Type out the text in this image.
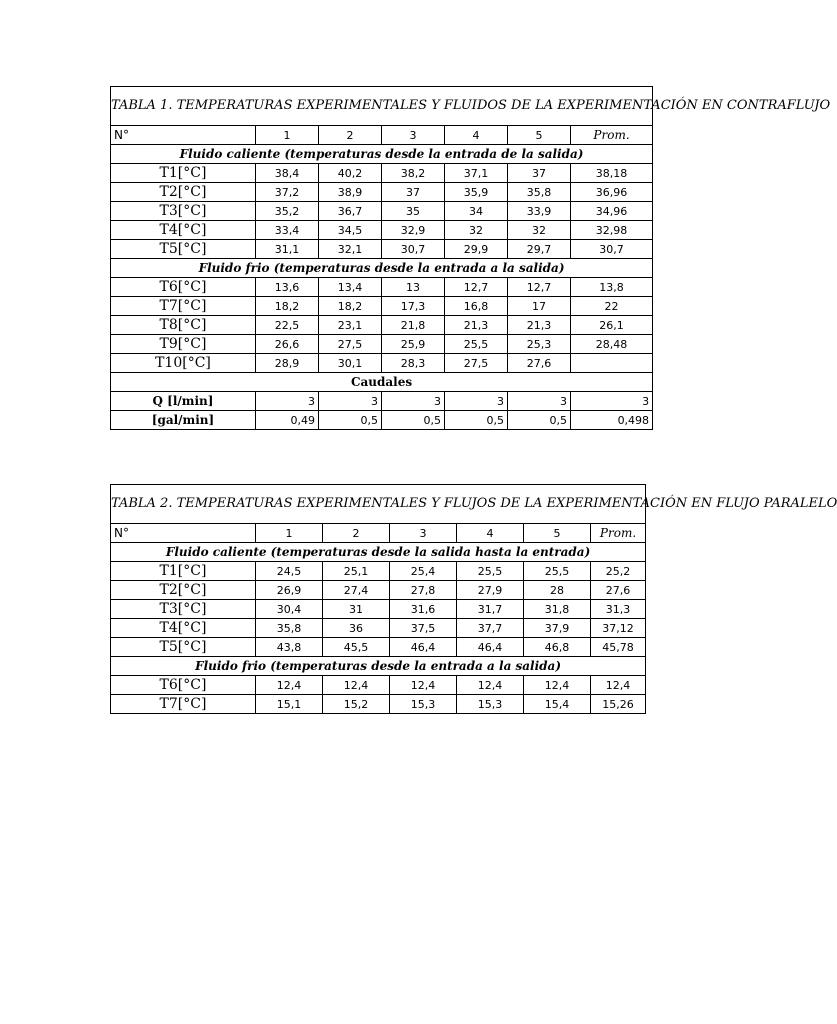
TABLA 1. TEMPERATURAS EXPERIMENTALES Y FLUIDOS DE LA EXPERIMENTACIÓN EN CONTRAFLUJO						
N°	1	2	3	4	5	Prom.
Fluido caliente (temperaturas desde la entrada de la salida)						
T1[°C]	38,4	40,2	38,2	37,1	37	38,18
T2[°C]	37,2	38,9	37	35,9	35,8	36,96
T3[°C]	35,2	36,7	35	34	33,9	34,96
T4[°C]	33,4	34,5	32,9	32	32	32,98
T5[°C]	31,1	32,1	30,7	29,9	29,7	30,7
Fluido frio (temperaturas desde la entrada a la salida)						
T6[°C]	13,6	13,4	13	12,7	12,7	13,8
T7[°C]	18,2	18,2	17,3	16,8	17	22
T8[°C]	22,5	23,1	21,8	21,3	21,3	26,1
T9[°C]	26,6	27,5	25,9	25,5	25,3	28,48
T10[°C]	28,9	30,1	28,3	27,5	27,6	
Caudales						
Q [l/min]	3	3	3	3	3	3
[gal/min]	0,49	0,5	0,5	0,5	0,5	0,498
TABLA 2. TEMPERATURAS EXPERIMENTALES Y FLUJOS DE LA EXPERIMENTACIÓN EN FLUJO PARALELO						
N°	1	2	3	4	5	Prom.
Fluido caliente (temperaturas desde la salida hasta la entrada)						
T1[°C]	24,5	25,1	25,4	25,5	25,5	25,2
T2[°C]	26,9	27,4	27,8	27,9	28	27,6
T3[°C]	30,4	31	31,6	31,7	31,8	31,3
T4[°C]	35,8	36	37,5	37,7	37,9	37,12
T5[°C]	43,8	45,5	46,4	46,4	46,8	45,78
Fluido frio (temperaturas desde la entrada a la salida)						
T6[°C]	12,4	12,4	12,4	12,4	12,4	12,4
T7[°C]	15,1	15,2	15,3	15,3	15,4	15,26
